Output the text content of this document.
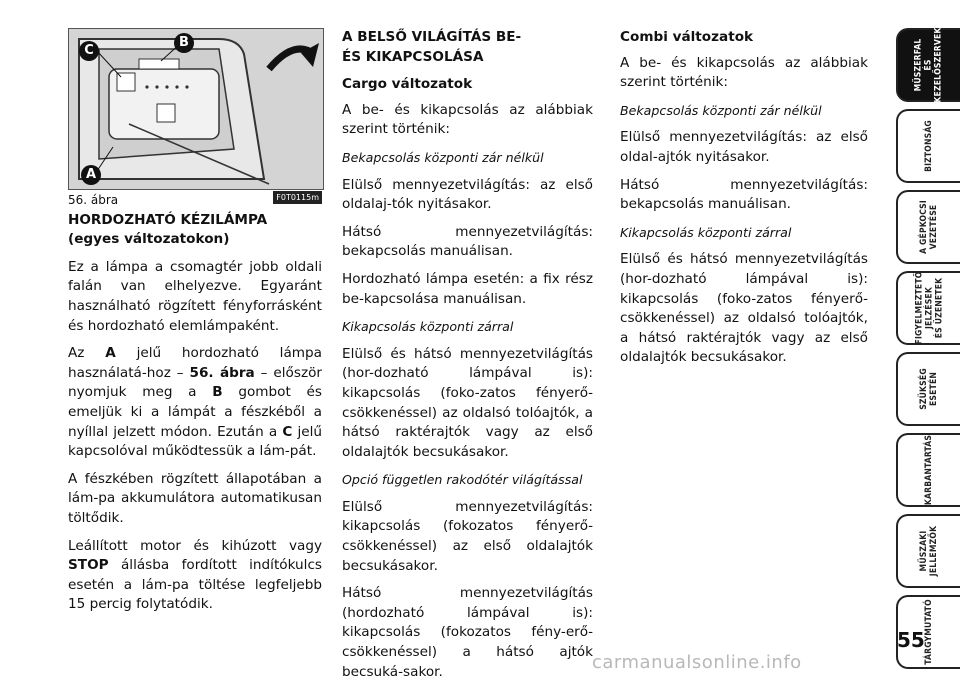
C
B
A
56. ábra	F0T0115m
HORDOZHATÓ KÉZILÁMPA
(egyes változatokon)

Ez a lámpa a csomagtér jobb oldali falán van elhelyezve. Egyaránt használható rögzített fényforrásként és hordozható elemlámpaként.

Az A jelű hordozható lámpa használatá-hoz – 56. ábra – először nyomjuk meg a B gombot és emeljük ki a lámpát a fészkéből a nyíllal jelzett módon. Ezután a C jelű kapcsolóval működtessük a lám-pát.

A fészkében rögzített állapotában a lám-pa akkumulátora automatikusan töltődik.

Leállított motor és kihúzott vagy STOP állásba fordított indítókulcs esetén a lám-pa töltése legfeljebb 15 percig folytatódik.

A BELSŐ VILÁGÍTÁS BE-
ÉS KIKAPCSOLÁSA
Cargo változatok

A be- és kikapcsolás az alábbiak szerint történik:

Bekapcsolás központi zár nélkül

Elülső mennyezetvilágítás: az első oldalaj-tók nyitásakor.

Hátsó mennyezetvilágítás: bekapcsolás manuálisan.

Hordozható lámpa esetén: a fix rész be-kapcsolása manuálisan.

Kikapcsolás központi zárral

Elülső és hátsó mennyezetvilágítás (hor-dozható lámpával is): kikapcsolás (foko-zatos fényerő-csökkenéssel) az oldalsó tolóajtók, a hátsó raktérajtók vagy az első oldalajtók becsukásakor.

Opció független rakodótér világítással

Elülső mennyezetvilágítás: kikapcsolás (fokozatos fényerő-csökkenéssel) az első oldalajtók becsukásakor.

Hátsó mennyezetvilágítás (hordozható lámpával is): kikapcsolás (fokozatos fény-erő-csökkenéssel) a hátsó ajtók becsuká-sakor.

Combi változatok

A be- és kikapcsolás az alábbiak szerint történik:

Bekapcsolás központi zár nélkül

Elülső mennyezetvilágítás: az első oldal-ajtók nyitásakor.

Hátsó mennyezetvilágítás: bekapcsolás manuálisan.

Kikapcsolás központi zárral

Elülső és hátsó mennyezetvilágítás (hor-dozható lámpával is): kikapcsolás (foko-zatos fényerő-csökkenéssel) az oldalsó tolóajtók, a hátsó raktérajtók vagy az első oldalajtók becsukásakor.

MŰSZERFAL
ÉS
KEZELŐSZERVEK
BIZTONSÁG
A GÉPKOCSI
VEZETÉSE
FIGYELMEZTETŐ
JELZÉSEK
ÉS ÜZENETEK
SZÜKSÉG
ESETÉN
KARBANTARTÁS
MŰSZAKI
JELLEMZŐK
TÁRGYMUTATÓ
55
carmanualsonline.info
